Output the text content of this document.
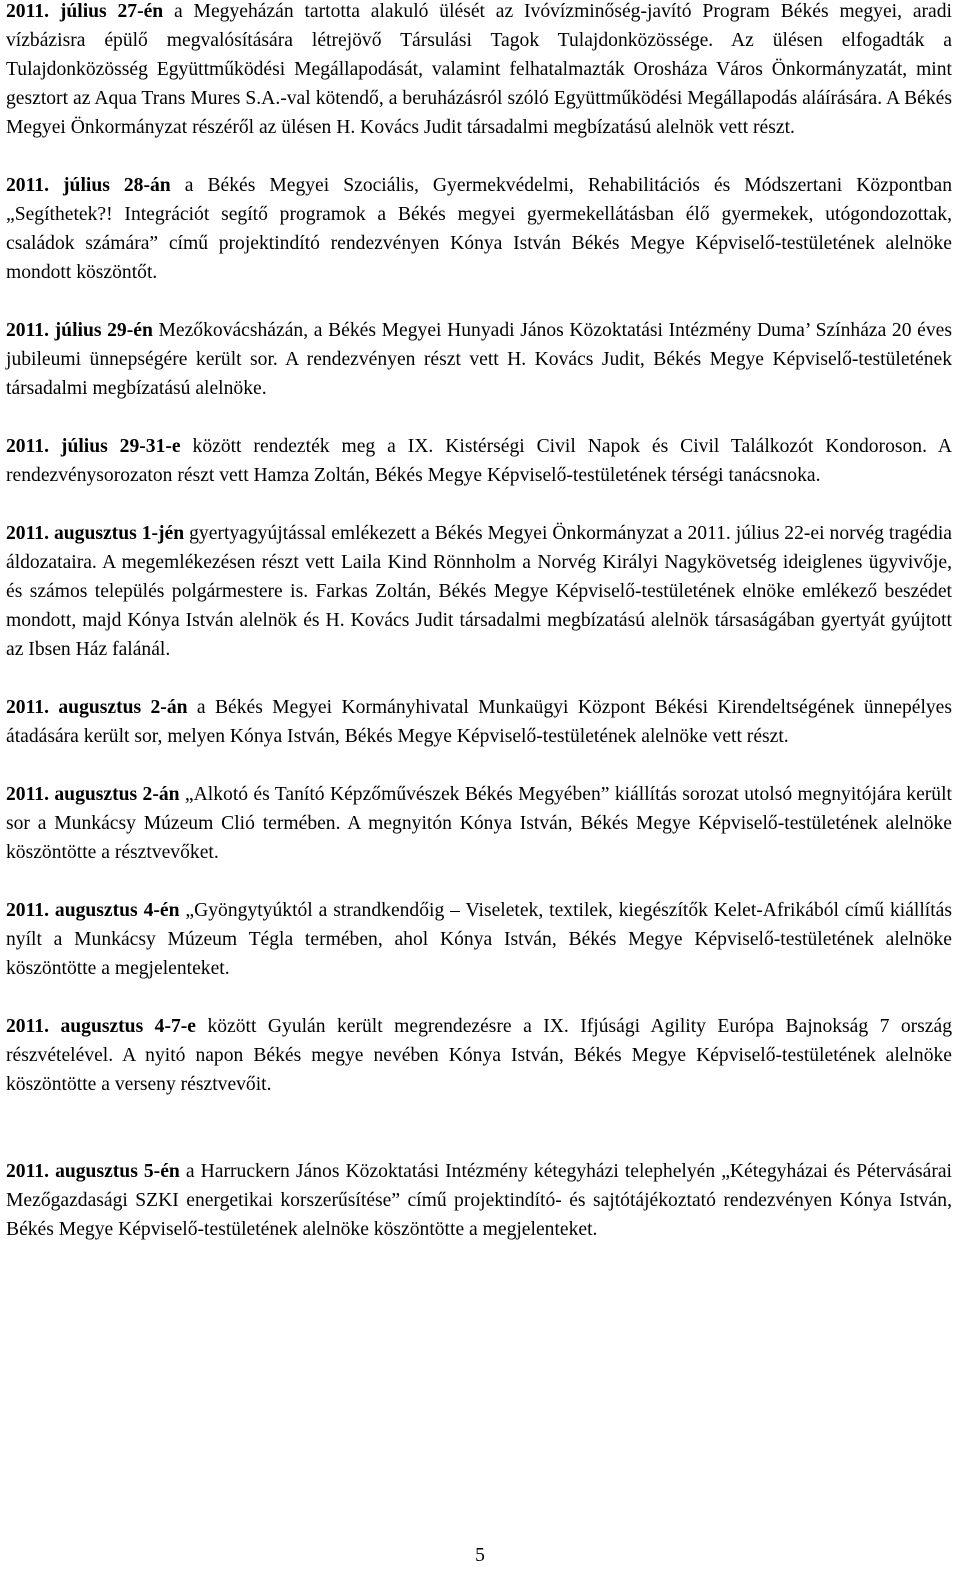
2011. július 27-én a Megyeházán tartotta alakuló ülését az Ivóvízminőség-javító Program Békés megyei, aradi vízbázisra épülő megvalósítására létrejövő Társulási Tagok Tulajdonközössége. Az ülésen elfogadták a Tulajdonközösség Együttműködési Megállapodását, valamint felhatalmazták Orosháza Város Önkormányzatát, mint gesztort az Aqua Trans Mures S.A.-val kötendő, a beruházásról szóló Együttműködési Megállapodás aláírására. A Békés Megyei Önkormányzat részéről az ülésen H. Kovács Judit társadalmi megbízatású alelnök vett részt.

2011. július 28-án a Békés Megyei Szociális, Gyermekvédelmi, Rehabilitációs és Módszertani Központban „Segíthetek?! Integrációt segítő programok a Békés megyei gyermekellátásban élő gyermekek, utógondozottak, családok számára” című projektindító rendezvényen Kónya István Békés Megye Képviselő-testületének alelnöke mondott köszöntőt.

2011. július 29-én Mezőkovácsházán, a Békés Megyei Hunyadi János Közoktatási Intézmény Duma’ Színháza 20 éves jubileumi ünnepségére került sor. A rendezvényen részt vett H. Kovács Judit, Békés Megye Képviselő-testületének társadalmi megbízatású alelnöke.

2011. július 29-31-e között rendezték meg a IX. Kistérségi Civil Napok és Civil Találkozót Kondoroson. A rendezvénysorozaton részt vett Hamza Zoltán, Békés Megye Képviselő-testületének térségi tanácsnoka.

2011. augusztus 1-jén gyertyagyújtással emlékezett a Békés Megyei Önkormányzat a 2011. július 22-ei norvég tragédia áldozataira. A megemlékezésen részt vett Laila Kind Rönnholm a Norvég Királyi Nagykövetség ideiglenes ügyvivője, és számos település polgármestere is. Farkas Zoltán, Békés Megye Képviselő-testületének elnöke emlékező beszédet mondott, majd Kónya István alelnök és H. Kovács Judit társadalmi megbízatású alelnök társaságában gyertyát gyújtott az Ibsen Ház falánál.

2011. augusztus 2-án a Békés Megyei Kormányhivatal Munkaügyi Központ Békési Kirendeltségének ünnepélyes átadására került sor, melyen Kónya István, Békés Megye Képviselő-testületének alelnöke vett részt.

2011. augusztus 2-án „Alkotó és Tanító Képzőművészek Békés Megyében” kiállítás sorozat utolsó megnyitójára került sor a Munkácsy Múzeum Clió termében. A megnyitón Kónya István, Békés Megye Képviselő-testületének alelnöke köszöntötte a résztvevőket.

2011. augusztus 4-én „Gyöngytyúktól a strandkendőig – Viseletek, textilek, kiegészítők Kelet-Afrikából című kiállítás nyílt a Munkácsy Múzeum Tégla termében, ahol Kónya István, Békés Megye Képviselő-testületének alelnöke köszöntötte a megjelenteket.

2011. augusztus 4-7-e között Gyulán került megrendezésre a IX. Ifjúsági Agility Európa Bajnokság 7 ország részvételével. A nyitó napon Békés megye nevében Kónya István, Békés Megye Képviselő-testületének alelnöke köszöntötte a verseny résztvevőit.

2011. augusztus 5-én a Harruckern János Közoktatási Intézmény kétegyházi telephelyén „Kétegyházai és Pétervásárai Mezőgazdasági SZKI energetikai korszerűsítése” című projektindító- és sajtótájékoztató rendezvényen Kónya István, Békés Megye Képviselő-testületének alelnöke köszöntötte a megjelenteket.

5
